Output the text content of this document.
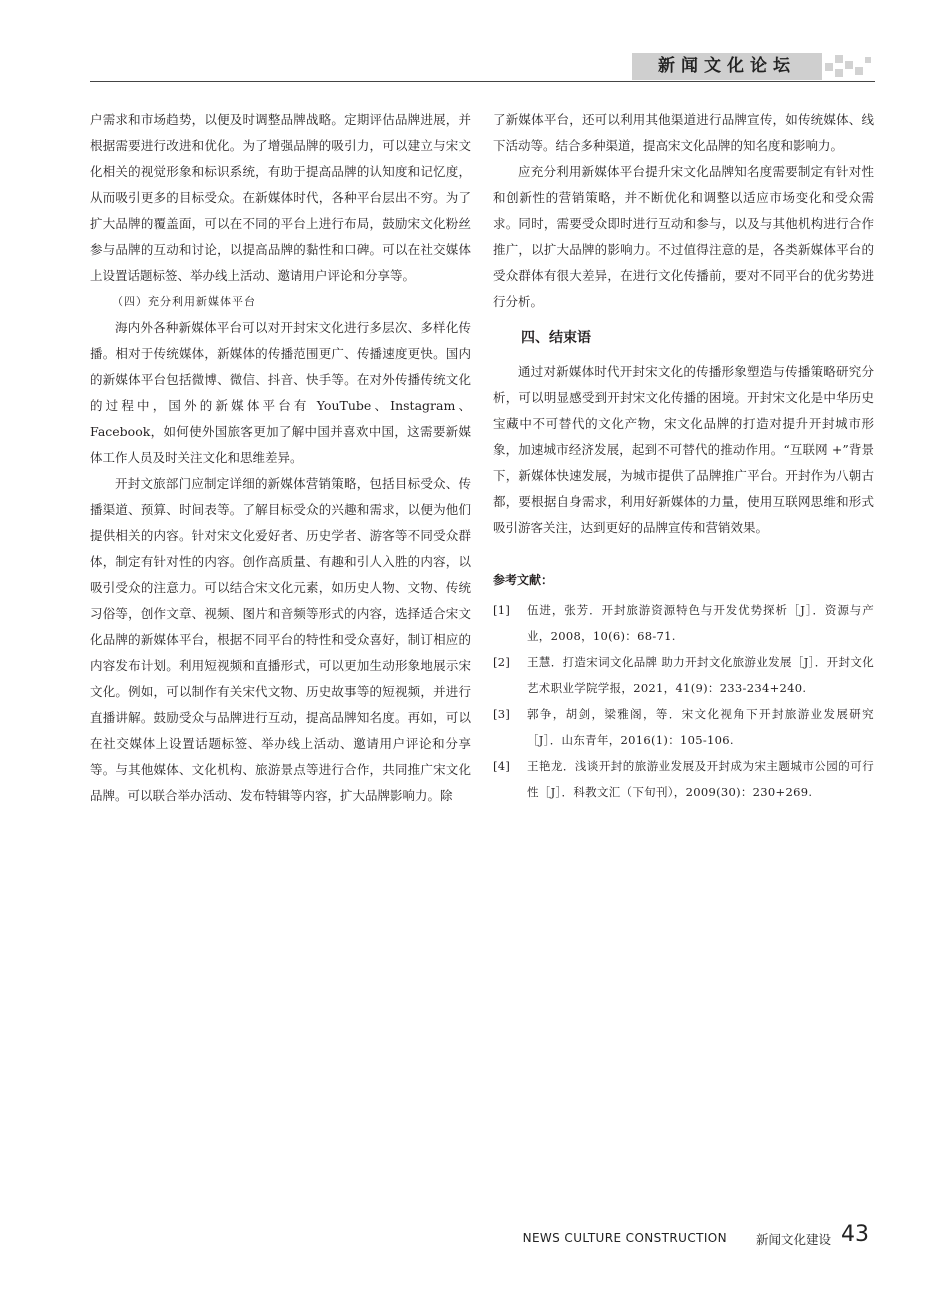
新闻文化论坛

户需求和市场趋势，以便及时调整品牌战略。定期评估品牌进展，并根据需要进行改进和优化。为了增强品牌的吸引力，可以建立与宋文化相关的视觉形象和标识系统，有助于提高品牌的认知度和记忆度，从而吸引更多的目标受众。在新媒体时代，各种平台层出不穷。为了扩大品牌的覆盖面，可以在不同的平台上进行布局，鼓励宋文化粉丝参与品牌的互动和讨论，以提高品牌的黏性和口碑。可以在社交媒体上设置话题标签、举办线上活动、邀请用户评论和分享等。

（四）充分利用新媒体平台

海内外各种新媒体平台可以对开封宋文化进行多层次、多样化传播。相对于传统媒体，新媒体的传播范围更广、传播速度更快。国内的新媒体平台包括微博、微信、抖音、快手等。在对外传播传统文化的过程中，国外的新媒体平台有 YouTube、Instagram、Facebook，如何使外国旅客更加了解中国并喜欢中国，这需要新媒体工作人员及时关注文化和思维差异。

开封文旅部门应制定详细的新媒体营销策略，包括目标受众、传播渠道、预算、时间表等。了解目标受众的兴趣和需求，以便为他们提供相关的内容。针对宋文化爱好者、历史学者、游客等不同受众群体，制定有针对性的内容。创作高质量、有趣和引人入胜的内容，以吸引受众的注意力。可以结合宋文化元素，如历史人物、文物、传统习俗等，创作文章、视频、图片和音频等形式的内容，选择适合宋文化品牌的新媒体平台，根据不同平台的特性和受众喜好，制订相应的内容发布计划。利用短视频和直播形式，可以更加生动形象地展示宋文化。例如，可以制作有关宋代文物、历史故事等的短视频，并进行直播讲解。鼓励受众与品牌进行互动，提高品牌知名度。再如，可以在社交媒体上设置话题标签、举办线上活动、邀请用户评论和分享等。与其他媒体、文化机构、旅游景点等进行合作，共同推广宋文化品牌。可以联合举办活动、发布特辑等内容，扩大品牌影响力。除

了新媒体平台，还可以利用其他渠道进行品牌宣传，如传统媒体、线下活动等。结合多种渠道，提高宋文化品牌的知名度和影响力。

应充分利用新媒体平台提升宋文化品牌知名度需要制定有针对性和创新性的营销策略，并不断优化和调整以适应市场变化和受众需求。同时，需要受众即时进行互动和参与，以及与其他机构进行合作推广，以扩大品牌的影响力。不过值得注意的是，各类新媒体平台的受众群体有很大差异，在进行文化传播前，要对不同平台的优劣势进行分析。

四、结束语

通过对新媒体时代开封宋文化的传播形象塑造与传播策略研究分析，可以明显感受到开封宋文化传播的困境。开封宋文化是中华历史宝藏中不可替代的文化产物，宋文化品牌的打造对提升开封城市形象，加速城市经济发展，起到不可替代的推动作用。“互联网 +”背景下，新媒体快速发展，为城市提供了品牌推广平台。开封作为八朝古都，要根据自身需求，利用好新媒体的力量，使用互联网思维和形式吸引游客关注，达到更好的品牌宣传和营销效果。

参考文献：
[1]	伍进，张芳．开封旅游资源特色与开发优势探析［J］．资源与产业，2008，10(6)：68-71.
[2]	王慧．打造宋词文化品牌 助力开封文化旅游业发展［J］．开封文化艺术职业学院学报，2021，41(9)：233-234+240.
[3]	郭争，胡剑，梁雅阁，等．宋文化视角下开封旅游业发展研究［J］．山东青年，2016(1)：105-106.
[4]	王艳龙．浅谈开封的旅游业发展及开封成为宋主题城市公园的可行性［J］．科教文汇（下旬刊），2009(30)：230+269.
NEWS CULTURE CONSTRUCTION 新闻文化建设 43
